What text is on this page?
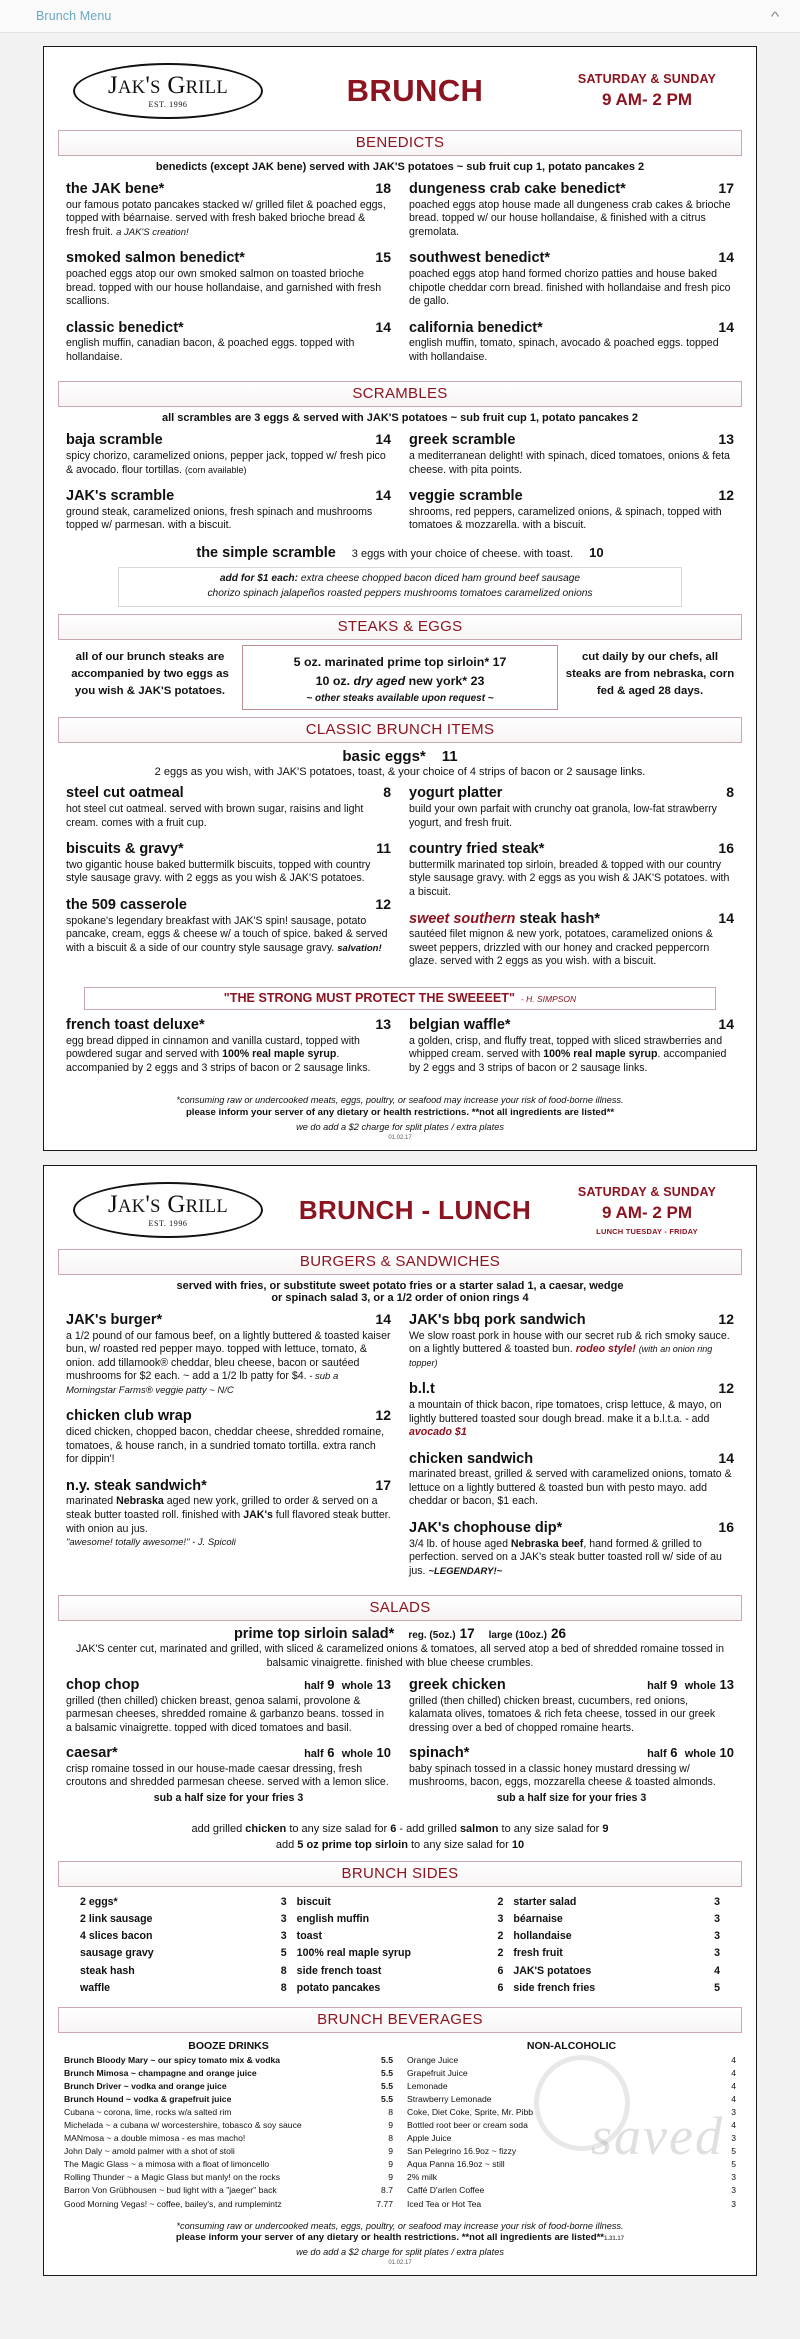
Brunch Menu	^
JAK'S GRILL
EST. 1996	BRUNCH	SATURDAY & SUNDAY
9 AM- 2 PM
BENEDICTS
benedicts (except JAK bene) served with JAK'S potatoes ~ sub fruit cup 1, potato pancakes 2
the JAK bene*	18
our famous potato pancakes stacked w/ grilled filet & poached eggs, topped with béarnaise. served with fresh baked brioche bread & fresh fruit. a JAK'S creation!
smoked salmon benedict*	15
poached eggs atop our own smoked salmon on toasted brioche bread. topped with our house hollandaise, and garnished with fresh scallions.
classic benedict*	14
english muffin, canadian bacon, & poached eggs. topped with hollandaise.
dungeness crab cake benedict*	17
poached eggs atop house made all dungeness crab cakes & brioche bread. topped w/ our house hollandaise, & finished with a citrus gremolata.
southwest benedict*	14
poached eggs atop hand formed chorizo patties and house baked chipotle cheddar corn bread. finished with hollandaise and fresh pico de gallo.
california benedict*	14
english muffin, tomato, spinach, avocado & poached eggs. topped with hollandaise.
SCRAMBLES
all scrambles are 3 eggs & served with JAK'S potatoes ~ sub fruit cup 1, potato pancakes 2
baja scramble	14
spicy chorizo, caramelized onions, pepper jack, topped w/ fresh pico & avocado. flour tortillas. (corn available)
JAK's scramble	14
ground steak, caramelized onions, fresh spinach and mushrooms topped w/ parmesan. with a biscuit.
greek scramble	13
a mediterranean delight! with spinach, diced tomatoes, onions & feta cheese. with pita points.
veggie scramble	12
shrooms, red peppers, caramelized onions, & spinach, topped with tomatoes & mozzarella. with a biscuit.
the simple scramble 3 eggs with your choice of cheese. with toast. 10
add for $1 each: extra cheese chopped bacon diced ham ground beef sausage
chorizo spinach jalapeños roasted peppers mushrooms tomatoes caramelized onions
STEAKS & EGGS
all of our brunch steaks are accompanied by two eggs as you wish & JAK'S potatoes.
5 oz. marinated prime top sirloin* 17
10 oz. dry aged new york* 23
~ other steaks available upon request ~
cut daily by our chefs, all steaks are from nebraska, corn fed & aged 28 days.
CLASSIC BRUNCH ITEMS
basic eggs* 11
2 eggs as you wish, with JAK'S potatoes, toast, & your choice of 4 strips of bacon or 2 sausage links.
steel cut oatmeal	8
hot steel cut oatmeal. served with brown sugar, raisins and light cream. comes with a fruit cup.
biscuits & gravy*	11
two gigantic house baked buttermilk biscuits, topped with country style sausage gravy. with 2 eggs as you wish & JAK'S potatoes.
the 509 casserole	12
spokane's legendary breakfast with JAK'S spin! sausage, potato pancake, cream, eggs & cheese w/ a touch of spice. baked & served with a biscuit & a side of our country style sausage gravy. salvation!
yogurt platter	8
build your own parfait with crunchy oat granola, low-fat strawberry yogurt, and fresh fruit.
country fried steak*	16
buttermilk marinated top sirloin, breaded & topped with our country style sausage gravy. with 2 eggs as you wish & JAK'S potatoes. with a biscuit.
sweet southern steak hash*	14
sautéed filet mignon & new york, potatoes, caramelized onions & sweet peppers, drizzled with our honey and cracked peppercorn glaze. served with 2 eggs as you wish. with a biscuit.
"THE STRONG MUST PROTECT THE SWEEEET" - H. SIMPSON
french toast deluxe*	13
egg bread dipped in cinnamon and vanilla custard, topped with powdered sugar and served with 100% real maple syrup. accompanied by 2 eggs and 3 strips of bacon or 2 sausage links.
belgian waffle*	14
a golden, crisp, and fluffy treat, topped with sliced strawberries and whipped cream. served with 100% real maple syrup. accompanied by 2 eggs and 3 strips of bacon or 2 sausage links.
*consuming raw or undercooked meats, eggs, poultry, or seafood may increase your risk of food-borne illness.
please inform your server of any dietary or health restrictions. **not all ingredients are listed**
we do add a $2 charge for split plates / extra plates
01.02.17
JAK'S GRILL
EST. 1996	BRUNCH - LUNCH
SATURDAY & SUNDAY
9 AM- 2 PM
LUNCH TUESDAY - FRIDAY
BURGERS & SANDWICHES
served with fries, or substitute sweet potato fries or a starter salad 1, a caesar, wedge
or spinach salad 3, or a 1/2 order of onion rings 4
JAK's burger*	14
a 1/2 pound of our famous beef, on a lightly buttered & toasted kaiser bun, w/ roasted red pepper mayo. topped with lettuce, tomato, & onion. add tillamook® cheddar, bleu cheese, bacon or sautéed mushrooms for $2 each. ~ add a 1/2 lb patty for $4. - sub a Morningstar Farms® veggie patty ~ N/C
chicken club wrap	12
diced chicken, chopped bacon, cheddar cheese, shredded romaine, tomatoes, & house ranch, in a sundried tomato tortilla. extra ranch for dippin'!
n.y. steak sandwich*	17
marinated Nebraska aged new york, grilled to order & served on a steak butter toasted roll. finished with JAK's full flavored steak butter. with onion au jus.
"awesome! totally awesome!" - J. Spicoli
JAK's bbq pork sandwich	12
We slow roast pork in house with our secret rub & rich smoky sauce. on a lightly buttered & toasted bun. rodeo style! (with an onion ring topper)
b.l.t	12
a mountain of thick bacon, ripe tomatoes, crisp lettuce, & mayo, on lightly buttered toasted sour dough bread. make it a b.l.t.a. - add avocado $1
chicken sandwich	14
marinated breast, grilled & served with caramelized onions, tomato & lettuce on a lightly buttered & toasted bun with pesto mayo. add cheddar or bacon, $1 each.
JAK's chophouse dip*	16
3/4 lb. of house aged Nebraska beef, hand formed & grilled to perfection. served on a JAK's steak butter toasted roll w/ side of au jus. ~LEGENDARY!~
SALADS
prime top sirloin salad* reg. (5oz.) 17 large (10oz.) 26
JAK'S center cut, marinated and grilled, with sliced & caramelized onions & tomatoes, all served atop a bed of shredded romaine tossed in balsamic vinaigrette. finished with blue cheese crumbles.
chop chop	half 9 whole 13
grilled (then chilled) chicken breast, genoa salami, provolone & parmesan cheeses, shredded romaine & garbanzo beans. tossed in a balsamic vinaigrette. topped with diced tomatoes and basil.
caesar*	half 6 whole 10
crisp romaine tossed in our house-made caesar dressing, fresh croutons and shredded parmesan cheese. served with a lemon slice.
sub a half size for your fries 3
greek chicken	half 9 whole 13
grilled (then chilled) chicken breast, cucumbers, red onions, kalamata olives, tomatoes & rich feta cheese, tossed in our greek dressing over a bed of chopped romaine hearts.
spinach*	half 6 whole 10
baby spinach tossed in a classic honey mustard dressing w/ mushrooms, bacon, eggs, mozzarella cheese & toasted almonds.
sub a half size for your fries 3
add grilled chicken to any size salad for 6 - add grilled salmon to any size salad for 9
add 5 oz prime top sirloin to any size salad for 10
BRUNCH SIDES
2 eggs*	3
2 link sausage	3
4 slices bacon	3
sausage gravy	5
steak hash	8
waffle	8
biscuit	2
english muffin	3
toast	2
100% real maple syrup	2
side french toast	6
potato pancakes	6
starter salad	3
béarnaise	3
hollandaise	3
fresh fruit	3
JAK'S potatoes	4
side french fries	5
BRUNCH BEVERAGES
saved
BOOZE DRINKS
Brunch Bloody Mary ~ our spicy tomato mix & vodka	5.5
Brunch Mimosa ~ champagne and orange juice	5.5
Brunch Driver ~ vodka and orange juice	5.5
Brunch Hound ~ vodka & grapefruit juice	5.5
Cubana ~ corona, lime, rocks w/a salted rim	8
Michelada ~ a cubana w/ worcestershire, tobasco & soy sauce	9
MANmosa ~ a double mimosa - es mas macho!	8
John Daly ~ amold palmer with a shot of stoli	9
The Magic Glass ~ a mimosa with a float of limoncello	9
Rolling Thunder ~ a Magic Glass but manly! on the rocks	9
Barron Von Grübhousen ~ bud light with a "jaeger" back	8.7
Good Morning Vegas! ~ coffee, bailey's, and rumplemintz	7.77
NON-ALCOHOLIC
Orange Juice	4
Grapefruit Juice	4
Lemonade	4
Strawberry Lemonade	4
Coke, Diet Coke, Sprite, Mr. Pibb	3
Bottled root beer or cream soda	4
Apple Juice	3
San Pelegrino 16.9oz ~ fizzy	5
Aqua Panna 16.9oz ~ still	5
2% milk	3
Caffé D'arlen Coffee	3
Iced Tea or Hot Tea	3
*consuming raw or undercooked meats, eggs, poultry, or seafood may increase your risk of food-borne illness.
please inform your server of any dietary or health restrictions. **not all ingredients are listed**1.31.17
we do add a $2 charge for split plates / extra plates
01.02.17
